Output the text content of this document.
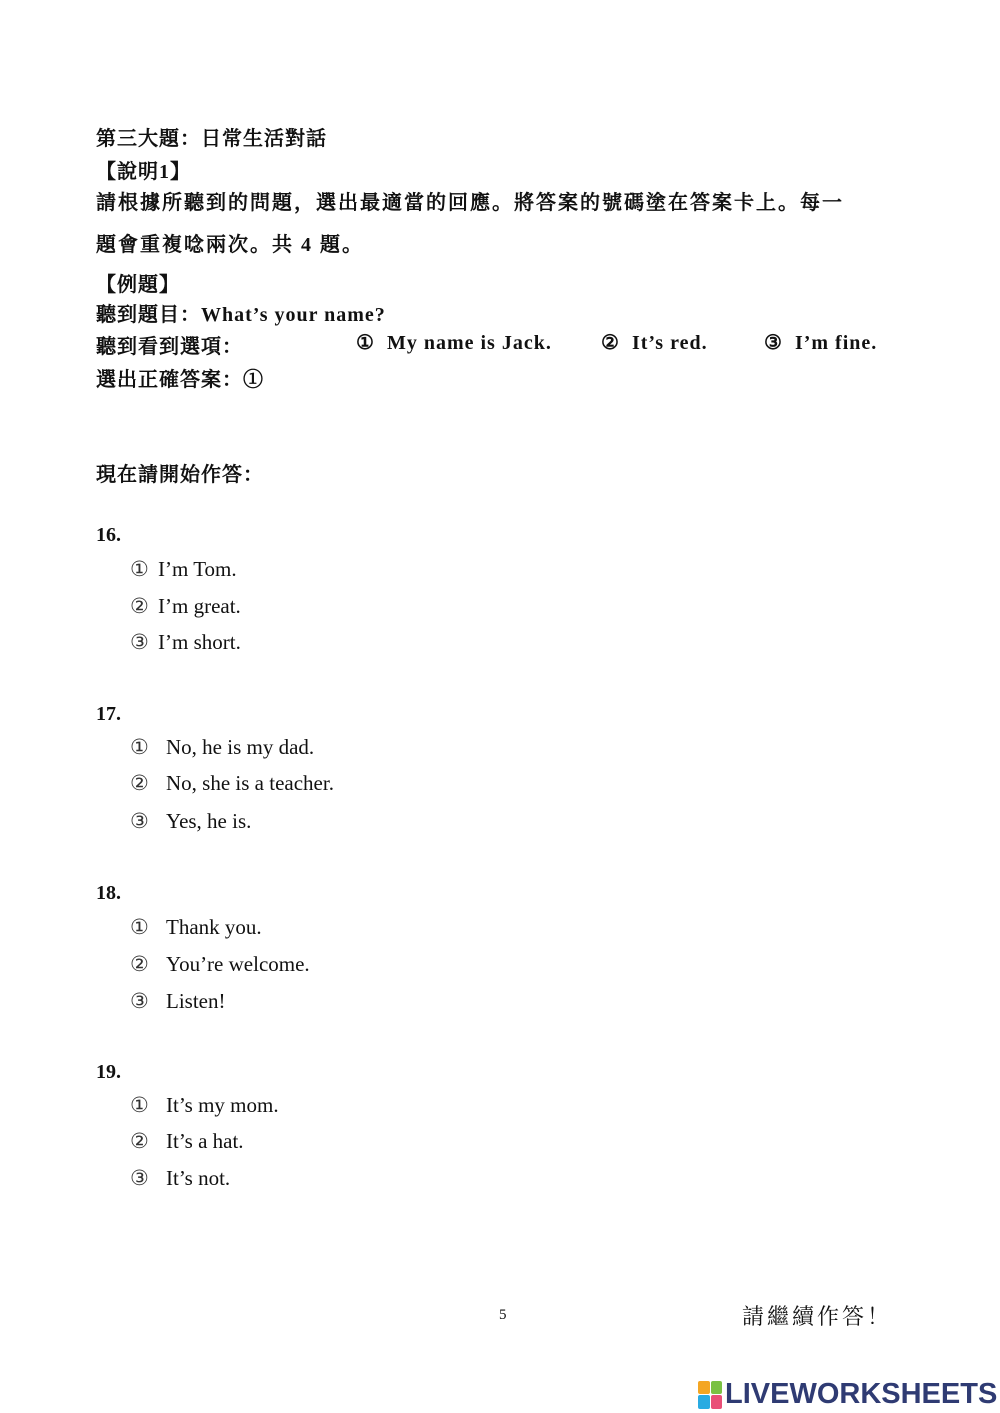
第三大題：日常生活對話
【說明1】
請根據所聽到的問題，選出最適當的回應。將答案的號碼塗在答案卡上。每一
題會重複唸兩次。共 4 題。
【例題】
聽到題目：What’s your name?
聽到看到選項：	① My name is Jack. ② It’s red.	③ I’m fine.
選出正確答案：①
現在請開始作答：
16.
① I’m Tom.
② I’m great.
③ I’m short.
17.
① No, he is my dad.
② No, she is a teacher.
③ Yes, he is.
18.
① Thank you.
② You’re welcome.
③ Listen!
19.
① It’s my mom.
② It’s a hat.
③ It’s not.
5	請繼續作答！
LIVEWORKSHEETS
